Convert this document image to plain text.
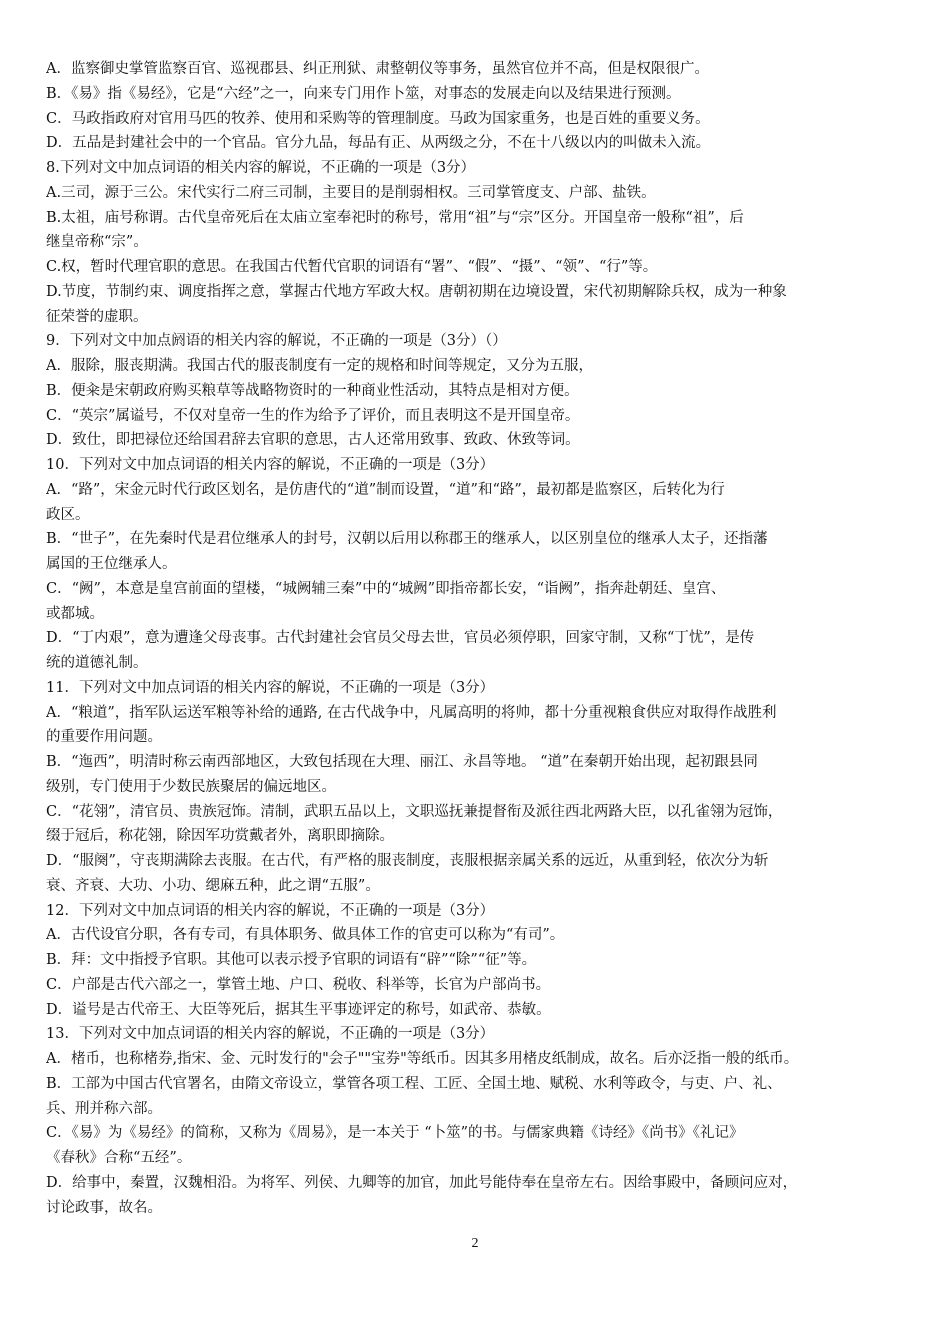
A．监察御史掌管监察百官、巡视郡县、纠正刑狱、肃整朝仪等事务，虽然官位并不高，但是权限很广。
B．《易》指《易经》，它是“六经”之一，向来专门用作卜筮，对事态的发展走向以及结果进行预测。
C．马政指政府对官用马匹的牧养、使用和采购等的管理制度。马政为国家重务，也是百姓的重要义务。
D．五品是封建社会中的一个官品。官分九品，每品有正、从两级之分，不在十八级以内的叫做未入流。
8.下列对文中加点词语的相关内容的解说，不正确的一项是（3分）
A.三司，源于三公。宋代实行二府三司制，主要目的是削弱相权。三司掌管度支、户部、盐铁。
B.太祖，庙号称谓。古代皇帝死后在太庙立室奉祀时的称号，常用“祖”与“宗”区分。开国皇帝一般称“祖”，后
继皇帝称“宗”。
C.权，暂时代理官职的意思。在我国古代暂代官职的词语有“署”、“假”、“摄”、“领”、“行”等。
D.节度，节制约束、调度指挥之意，掌握古代地方军政大权。唐朝初期在边境设置，宋代初期解除兵权，成为一种象
征荣誉的虚职。
9．下列对文中加点阏语的相关内容的解说，不正确的一项是（3分）（）
A．服除，服丧期满。我国古代的服丧制度有一定的规格和时间等规定，又分为五服，
B．便籴是宋朝政府购买粮草等战略物资时的一种商业性活动，其特点是相对方便。
C．“英宗”属谥号，不仅对皇帝一生的作为给予了评价，而且表明这不是开国皇帝。
D．致仕，即把禄位还给国君辞去官职的意思，古人还常用致事、致政、休致等词。
10．下列对文中加点词语的相关内容的解说，不正确的一项是（3分）
A．“路”，宋金元时代行政区划名，是仿唐代的“道”制而设置，“道”和“路”，最初都是监察区，后转化为行
政区。
B．“世子”，在先秦时代是君位继承人的封号，汉朝以后用以称郡王的继承人，以区别皇位的继承人太子，还指藩
属国的王位继承人。
C．“阙”，本意是皇宫前面的望楼，“城阙辅三秦”中的“城阙”即指帝都长安，“诣阙”，指奔赴朝廷、皇宫、
或都城。
D．“丁内艰”，意为遭逢父母丧事。古代封建社会官员父母去世，官员必须停职，回家守制，又称“丁忧”，是传
统的道德礼制。
11．下列对文中加点词语的相关内容的解说，不正确的一项是（3分）
A．“粮道”，指军队运送军粮等补给的通路, 在古代战争中，凡属高明的将帅，都十分重视粮食供应对取得作战胜利
的重要作用问题。
B．“迤西”，明清时称云南西部地区，大致包括现在大理、丽江、永昌等地。 “道”在秦朝开始出现，起初跟县同
级别，专门使用于少数民族聚居的偏远地区。
C．“花翎”，清官员、贵族冠饰。清制，武职五品以上，文职巡抚兼提督衔及派往西北两路大臣，以孔雀翎为冠饰，
缀于冠后，称花翎，除因军功赏戴者外，离职即摘除。
D．“服阕”，守丧期满除去丧服。在古代，有严格的服丧制度，丧服根据亲属关系的远近，从重到轻，依次分为斩
衰、齐衰、大功、小功、缌麻五种，此之谓“五服”。
12．下列对文中加点词语的相关内容的解说，不正确的一项是（3分）
A．古代设官分职，各有专司，有具体职务、做具体工作的官吏可以称为“有司”。
B．拜：文中指授予官职。其他可以表示授予官职的词语有“辟”“除”“征”等。
C．户部是古代六部之一，掌管土地、户口、税收、科举等，长官为户部尚书。
D．谥号是古代帝王、大臣等死后，据其生平事迹评定的称号，如武帝、恭敏。
13．下列对文中加点词语的相关内容的解说，不正确的一项是（3分）
A．楮币，也称楮券,指宋、金、元时发行的"会子""宝券"等纸币。因其多用楮皮纸制成，故名。后亦泛指一般的纸币。
B．工部为中国古代官署名，由隋文帝设立，掌管各项工程、工匠、全国土地、赋税、水利等政令，与吏、户、礼、
兵、刑并称六部。
C．《易》为《易经》的简称，又称为《周易》，是一本关于 “卜筮”的书。与儒家典籍《诗经》《尚书》《礼记》
《春秋》合称“五经”。
D．给事中，秦置，汉魏相沿。为将军、列侯、九卿等的加官，加此号能侍奉在皇帝左右。因给事殿中，备顾问应对，
讨论政事，故名。
2
